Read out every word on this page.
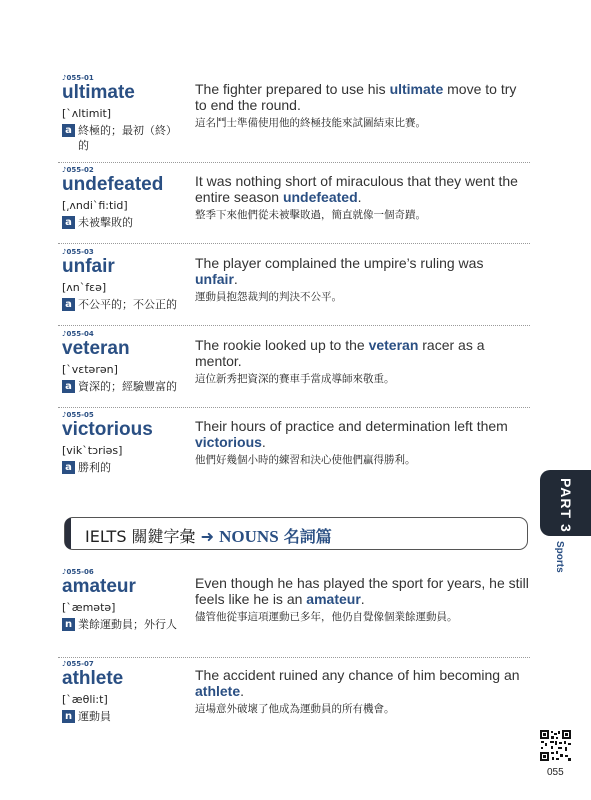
♪055-01
ultimate
[ˋʌltimit]
a 終極的；最初（終）的
The fighter prepared to use his ultimate move to try to end the round.
這名鬥士準備使用他的終極技能來試圖結束比賽。
♪055-02
undefeated
[͵ʌndiˋfi:tid]
a 未被擊敗的
It was nothing short of miraculous that they went the entire season undefeated.
整季下來他們從未被擊敗過，簡直就像一個奇蹟。
♪055-03
unfair
[ʌnˋfɛə]
a 不公平的；不公正的
The player complained the umpire’s ruling was unfair.
運動員抱怨裁判的判決不公平。
♪055-04
veteran
[ˋvɛtərən]
a 資深的；經驗豐富的
The rookie looked up to the veteran racer as a mentor.
這位新秀把資深的賽車手當成導師來敬重。
♪055-05
victorious
[vikˋtɔriəs]
a 勝利的
Their hours of practice and determination left them victorious.
他們好幾個小時的練習和決心使他們贏得勝利。
IELTS 關鍵字彙 ➜ NOUNS 名詞篇
♪055-06
amateur
[ˋæmətə]
n 業餘運動員；外行人
Even though he has played the sport for years, he still feels like he is an amateur.
儘管他從事這項運動已多年，他仍自覺像個業餘運動員。
♪055-07
athlete
[ˋæθli:t]
n 運動員
The accident ruined any chance of him becoming an athlete.
這場意外破壞了他成為運動員的所有機會。
PART 3
Sports
055
